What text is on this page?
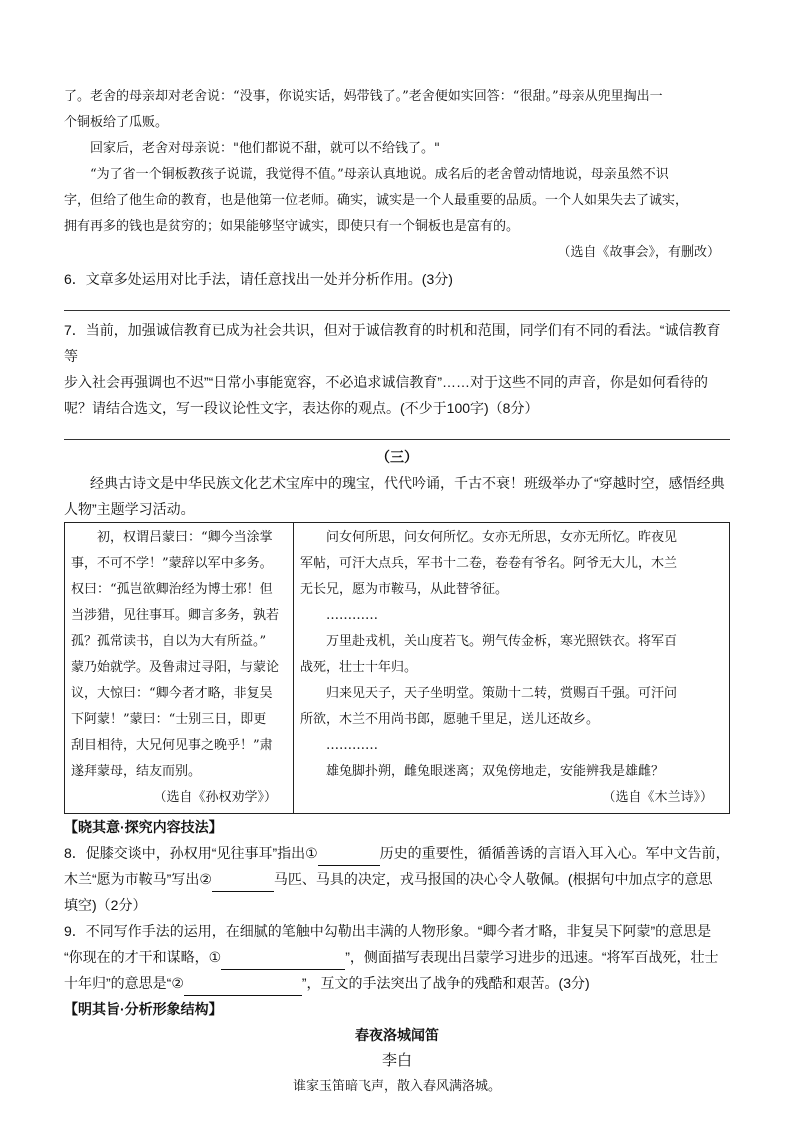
了。老舍的母亲却对老舍说：“没事，你说实话，妈带钱了。”老舍便如实回答：“很甜。”母亲从兜里掏出一

个铜板给了瓜贩。

回家后，老舍对母亲说："他们都说不甜，就可以不给钱了。"

“为了省一个铜板教孩子说谎，我觉得不值。”母亲认真地说。成名后的老舍曾动情地说，母亲虽然不识

字，但给了他生命的教育，也是他第一位老师。确实，诚实是一个人最重要的品质。一个人如果失去了诚实，

拥有再多的钱也是贫穷的；如果能够坚守诚实，即使只有一个铜板也是富有的。

（选自《故事会》，有删改）

6．文章多处运用对比手法，请任意找出一处并分析作用。(3分)

7．当前，加强诚信教育已成为社会共识，但对于诚信教育的时机和范围，同学们有不同的看法。“诚信教育等

步入社会再强调也不迟”“日常小事能宽容，不必追求诚信教育”……对于这些不同的声音，你是如何看待的

呢？请结合选文，写一段议论性文字，表达你的观点。(不少于100字)（8分）

（三）

经典古诗文是中华民族文化艺术宝库中的瑰宝，代代吟诵，千古不衰！班级举办了“穿越时空，感悟经典

人物”主题学习活动。

初，权谓吕蒙曰：“卿今当涂掌
事，不可不学！”蒙辞以军中多务。
权曰：“孤岂欲卿治经为博士邪！但
当涉猎，见往事耳。卿言多务，孰若
孤？孤常读书，自以为大有所益。”
蒙乃始就学。及鲁肃过寻阳，与蒙论
议，大惊曰：“卿今者才略，非复吴
下阿蒙！”蒙曰：“士别三日，即更
刮目相待，大兄何见事之晚乎！”肃
遂拜蒙母，结友而别。
（选自《孙权劝学》）

问女何所思，问女何所忆。女亦无所思，女亦无所忆。昨夜见
军帖，可汗大点兵，军书十二卷，卷卷有爷名。阿爷无大儿，木兰
无长兄，愿为市鞍马，从此替爷征。
…………
万里赴戎机，关山度若飞。朔气传金柝，寒光照铁衣。将军百
战死，壮士十年归。
归来见天子，天子坐明堂。策勋十二转，赏赐百千强。可汗问
所欲，木兰不用尚书郎，愿驰千里足，送儿还故乡。
…………
雄兔脚扑朔，雌兔眼迷离；双兔傍地走，安能辨我是雄雌？
（选自《木兰诗》）

【晓其意·探究内容技法】

8．促膝交谈中，孙权用“见往事耳”指出①	历史的重要性，循循善诱的言语入耳入心。军中文告前，

木兰“愿为市鞍马”写出②	马匹、马具的决定，戎马报国的决心令人敬佩。(根据句中加点字的意思

填空)（2分）

9．不同写作手法的运用，在细腻的笔触中勾勒出丰满的人物形象。“卿今者才略，非复吴下阿蒙”的意思是

“你现在的才干和谋略，①	”，侧面描写表现出吕蒙学习进步的迅速。“将军百战死，壮士

十年归”的意思是“②	”，互文的手法突出了战争的残酷和艰苦。(3分)

【明其旨·分析形象结构】

春夜洛城闻笛

李白

谁家玉笛暗飞声，散入春风满洛城。
